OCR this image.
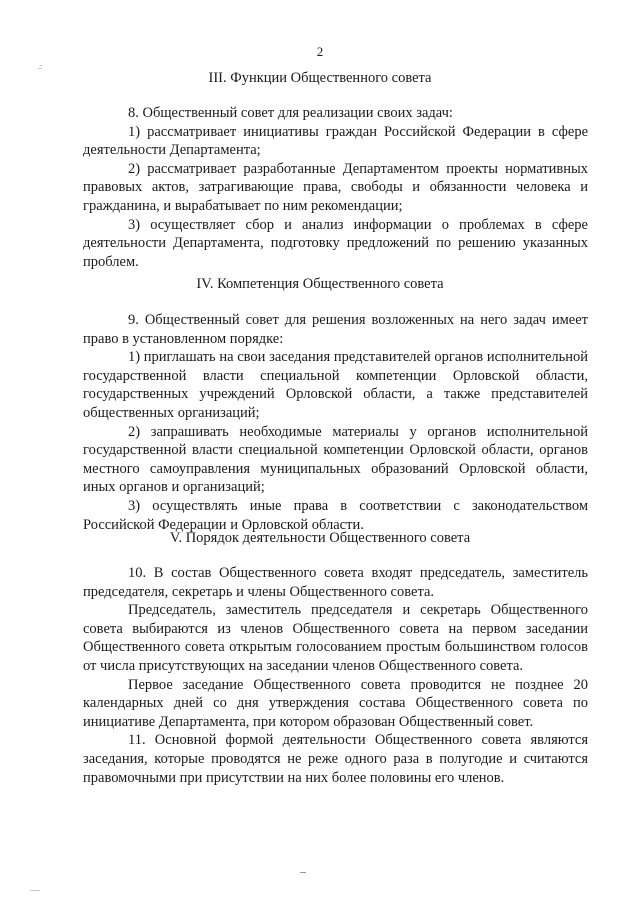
2
III. Функции Общественного совета

8. Общественный совет для реализации своих задач:

1) рассматривает инициативы граждан Российской Федерации в сфере деятельности Департамента;

2) рассматривает разработанные Департаментом проекты нормативных правовых актов, затрагивающие права, свободы и обязанности человека и гражданина, и вырабатывает по ним рекомендации;

3) осуществляет сбор и анализ информации о проблемах в сфере деятельности Департамента, подготовку предложений по решению указанных проблем.

IV. Компетенция Общественного совета

9. Общественный совет для решения возложенных на него задач имеет право в установленном порядке:

1) приглашать на свои заседания представителей органов исполнительной государственной власти специальной компетенции Орловской области, государственных учреждений Орловской области, а также представителей общественных организаций;

2) запрашивать необходимые материалы у органов исполнительной государственной власти специальной компетенции Орловской области, органов местного самоуправления муниципальных образований Орловской области, иных органов и организаций;

3) осуществлять иные права в соответствии с законодательством Российской Федерации и Орловской области.

V. Порядок деятельности Общественного совета

10. В состав Общественного совета входят председатель, заместитель председателя, секретарь и члены Общественного совета.

Председатель, заместитель председателя и секретарь Общественного совета выбираются из членов Общественного совета на первом заседании Общественного совета открытым голосованием простым большинством голосов от числа присутствующих на заседании членов Общественного совета.

Первое заседание Общественного совета проводится не позднее 20 календарных дней со дня утверждения состава Общественного совета по инициативе Департамента, при котором образован Общественный совет.

11. Основной формой деятельности Общественного совета являются заседания, которые проводятся не реже одного раза в полугодие и считаются правомочными при присутствии на них более половины его членов.

.:
.....
